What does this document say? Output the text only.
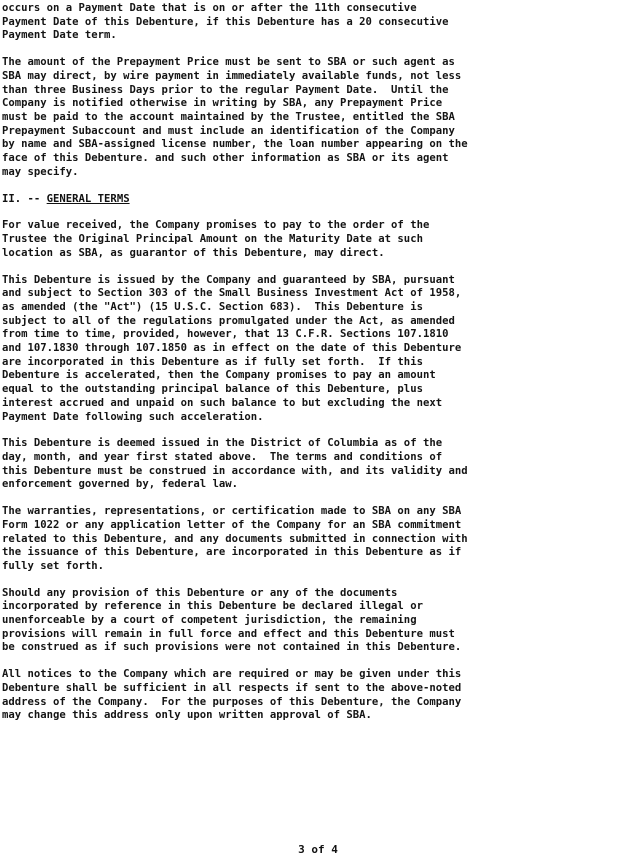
occurs on a Payment Date that is on or after the 11th consecutive
Payment Date of this Debenture, if this Debenture has a 20 consecutive
Payment Date term.
The amount of the Prepayment Price must be sent to SBA or such agent as
SBA may direct, by wire payment in immediately available funds, not less
than three Business Days prior to the regular Payment Date.  Until the
Company is notified otherwise in writing by SBA, any Prepayment Price
must be paid to the account maintained by the Trustee, entitled the SBA
Prepayment Subaccount and must include an identification of the Company
by name and SBA-assigned license number, the loan number appearing on the
face of this Debenture. and such other information as SBA or its agent
may specify.
II. -- GENERAL TERMS
For value received, the Company promises to pay to the order of the
Trustee the Original Principal Amount on the Maturity Date at such
location as SBA, as guarantor of this Debenture, may direct.
This Debenture is issued by the Company and guaranteed by SBA, pursuant
and subject to Section 303 of the Small Business Investment Act of 1958,
as amended (the "Act") (15 U.S.C. Section 683).  This Debenture is
subject to all of the regulations promulgated under the Act, as amended
from time to time, provided, however, that 13 C.F.R. Sections 107.1810
and 107.1830 through 107.1850 as in effect on the date of this Debenture
are incorporated in this Debenture as if fully set forth.  If this
Debenture is accelerated, then the Company promises to pay an amount
equal to the outstanding principal balance of this Debenture, plus
interest accrued and unpaid on such balance to but excluding the next
Payment Date following such acceleration.
This Debenture is deemed issued in the District of Columbia as of the
day, month, and year first stated above.  The terms and conditions of
this Debenture must be construed in accordance with, and its validity and
enforcement governed by, federal law.
The warranties, representations, or certification made to SBA on any SBA
Form 1022 or any application letter of the Company for an SBA commitment
related to this Debenture, and any documents submitted in connection with
the issuance of this Debenture, are incorporated in this Debenture as if
fully set forth.
Should any provision of this Debenture or any of the documents
incorporated by reference in this Debenture be declared illegal or
unenforceable by a court of competent jurisdiction, the remaining
provisions will remain in full force and effect and this Debenture must
be construed as if such provisions were not contained in this Debenture.
All notices to the Company which are required or may be given under this
Debenture shall be sufficient in all respects if sent to the above-noted
address of the Company.  For the purposes of this Debenture, the Company
may change this address only upon written approval of SBA.
3 of 4
